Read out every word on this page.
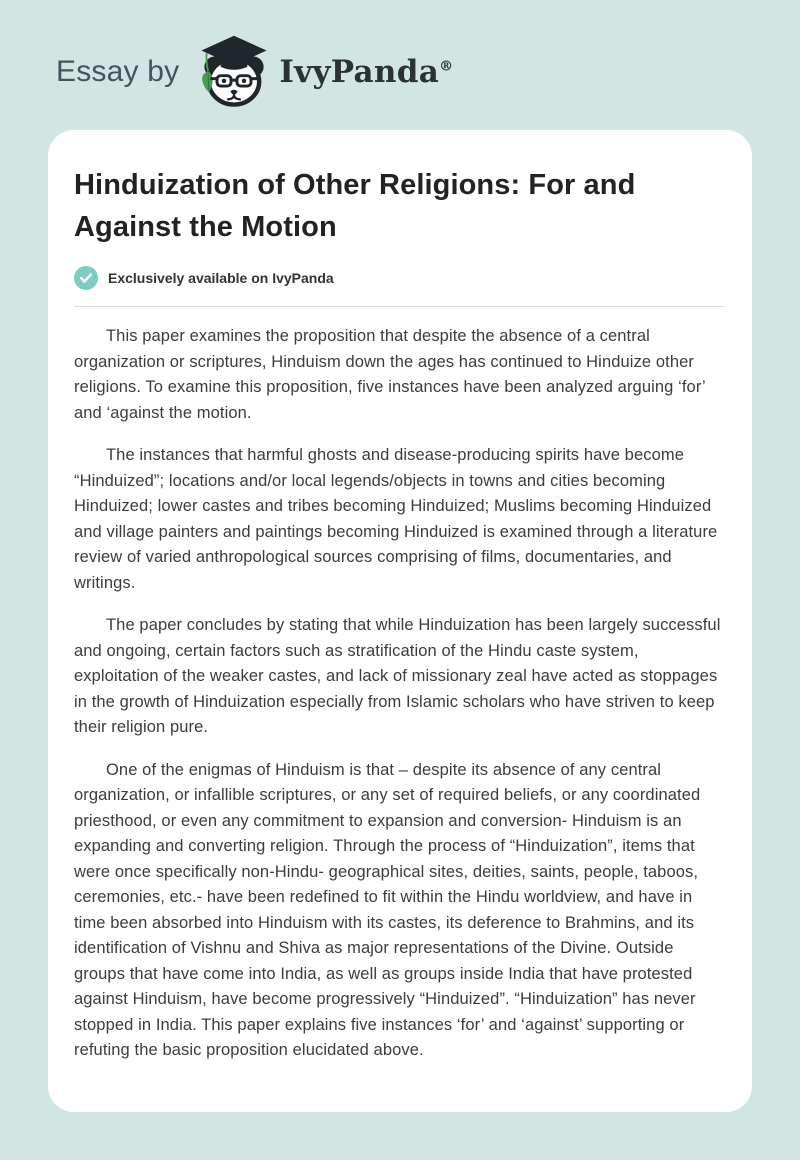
Essay by	IvyPanda®
Hinduization of Other Religions: For and Against the Motion
Exclusively available on IvyPanda

This paper examines the proposition that despite the absence of a central organization or scriptures, Hinduism down the ages has continued to Hinduize other religions. To examine this proposition, five instances have been analyzed arguing ‘for’ and ‘against the motion.

The instances that harmful ghosts and disease-producing spirits have become “Hinduized”; locations and/or local legends/objects in towns and cities becoming Hinduized; lower castes and tribes becoming Hinduized; Muslims becoming Hinduized and village painters and paintings becoming Hinduized is examined through a literature review of varied anthropological sources comprising of films, documentaries, and writings.

The paper concludes by stating that while Hinduization has been largely successful and ongoing, certain factors such as stratification of the Hindu caste system, exploitation of the weaker castes, and lack of missionary zeal have acted as stoppages in the growth of Hinduization especially from Islamic scholars who have striven to keep their religion pure.

One of the enigmas of Hinduism is that – despite its absence of any central organization, or infallible scriptures, or any set of required beliefs, or any coordinated priesthood, or even any commitment to expansion and conversion- Hinduism is an expanding and converting religion. Through the process of “Hinduization”, items that were once specifically non-Hindu- geographical sites, deities, saints, people, taboos, ceremonies, etc.- have been redefined to fit within the Hindu worldview, and have in time been absorbed into Hinduism with its castes, its deference to Brahmins, and its identification of Vishnu and Shiva as major representations of the Divine. Outside groups that have come into India, as well as groups inside India that have protested against Hinduism, have become progressively “Hinduized”. “Hinduization” has never stopped in India. This paper explains five instances ‘for’ and ‘against’ supporting or refuting the basic proposition elucidated above.
